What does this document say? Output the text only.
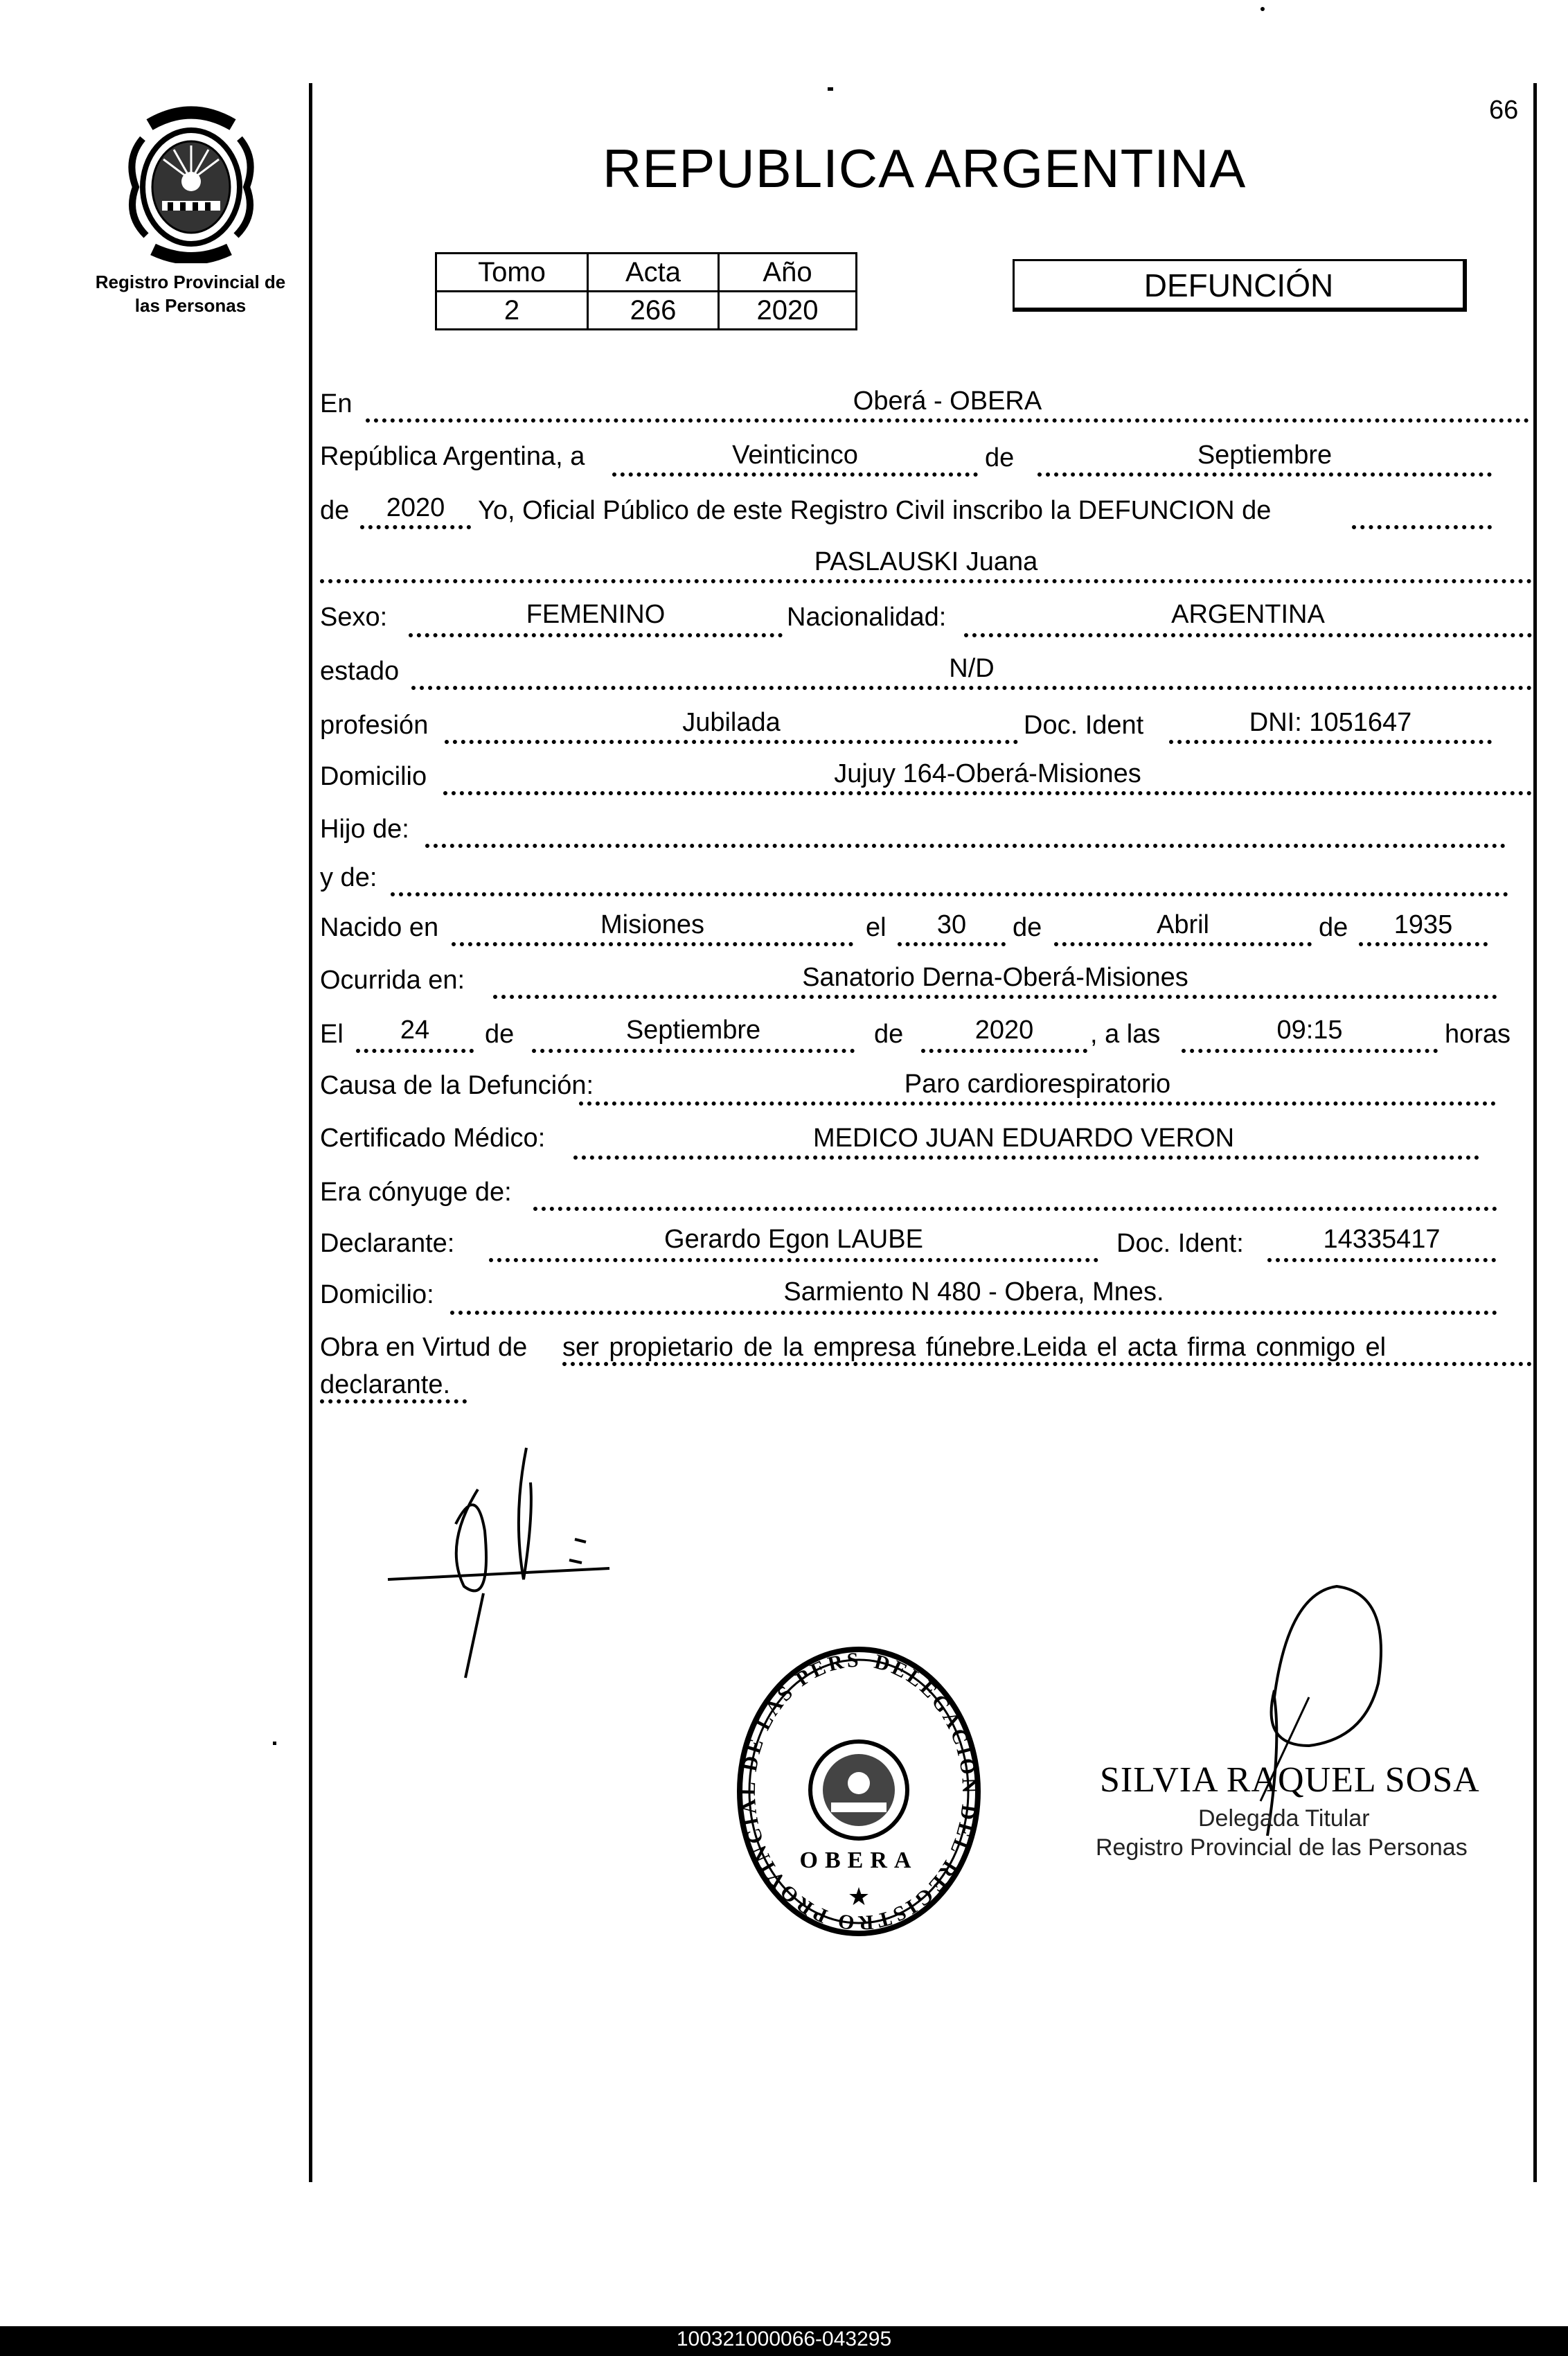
66
REPUBLICA ARGENTINA
Registro Provincial de
las Personas
Tomo	Acta	Año
2	266	2020
DEFUNCIÓN
En	Oberá - OBERA
República Argentina, a	Veinticinco	de	Septiembre
de	2020	Yo, Oficial Público de este Registro Civil inscribo la DEFUNCION de
PASLAUSKI Juana
Sexo:	FEMENINO	Nacionalidad:	ARGENTINA
estado	N/D
profesión	Jubilada	Doc. Ident	DNI: 1051647
Domicilio	Jujuy 164-Oberá-Misiones
Hijo de:
y de:
Nacido en	Misiones	el	30	de	Abril	de	1935
Ocurrida en:	Sanatorio Derna-Oberá-Misiones
El	24	de	Septiembre	de	2020	, a las	09:15	horas
Causa de la Defunción:	Paro cardiorespiratorio
Certificado Médico:	MEDICO JUAN EDUARDO VERON
Era cónyuge de:
Declarante:	Gerardo Egon LAUBE	Doc. Ident:	14335417
Domicilio:	Sarmiento N 480 - Obera, Mnes.
Obra en Virtud de ser propietario de la empresa fúnebre.Leida el acta firma conmigo el
declarante.
DELEGACION DEL REGISTRO PROVINCIAL DE LAS PERS
OBERA
★
SILVIA RAQUEL SOSA
Delegada Titular
Registro Provincial de las Personas
100321000066-043295
